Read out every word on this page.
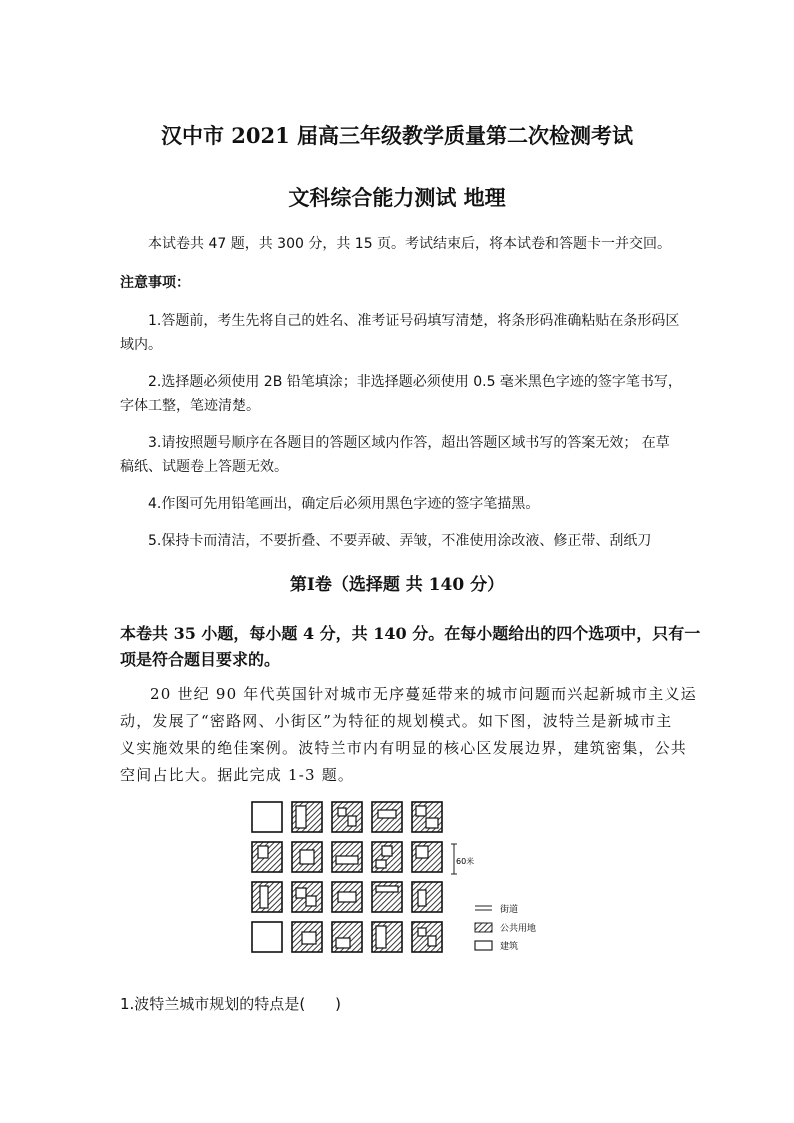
汉中市 2021 届高三年级教学质量第二次检测考试
文科综合能力测试 地理
本试卷共 47 题，共 300 分，共 15 页。考试结束后，将本试卷和答题卡一并交回。
注意事项：
1.答题前，考生先将自己的姓名、准考证号码填写清楚，将条形码准确粘贴在条形码区
域内。
2.选择题必须使用 2B 铅笔填涂；非选择题必须使用 0.5 毫米黑色字迹的签字笔书写，
字体工整，笔迹清楚。
3.请按照题号顺序在各题目的答题区域内作答，超出答题区域书写的答案无效； 在草
稿纸、试题卷上答题无效。
4.作图可先用铅笔画出，确定后必须用黑色字迹的签字笔描黑。
5.保持卡而清洁，不要折叠、不要弄破、弄皱，不准使用涂改液、修正带、刮纸刀
第Ⅰ卷（选择题 共 140 分）
本卷共 35 小题，每小题 4 分，共 140 分。在每小题给出的四个选项中，只有一
项是符合题目要求的。
20 世纪 90 年代英国针对城市无序蔓延带来的城市问题而兴起新城市主义运
动，发展了“密路网、小街区”为特征的规划模式。如下图，波特兰是新城市主
义实施效果的绝佳案例。波特兰市内有明显的核心区发展边界，建筑密集，公共
空间占比大。据此完成 1-3 题。
60米
街道
公共用地
建筑
1.波特兰城市规划的特点是(　　)
